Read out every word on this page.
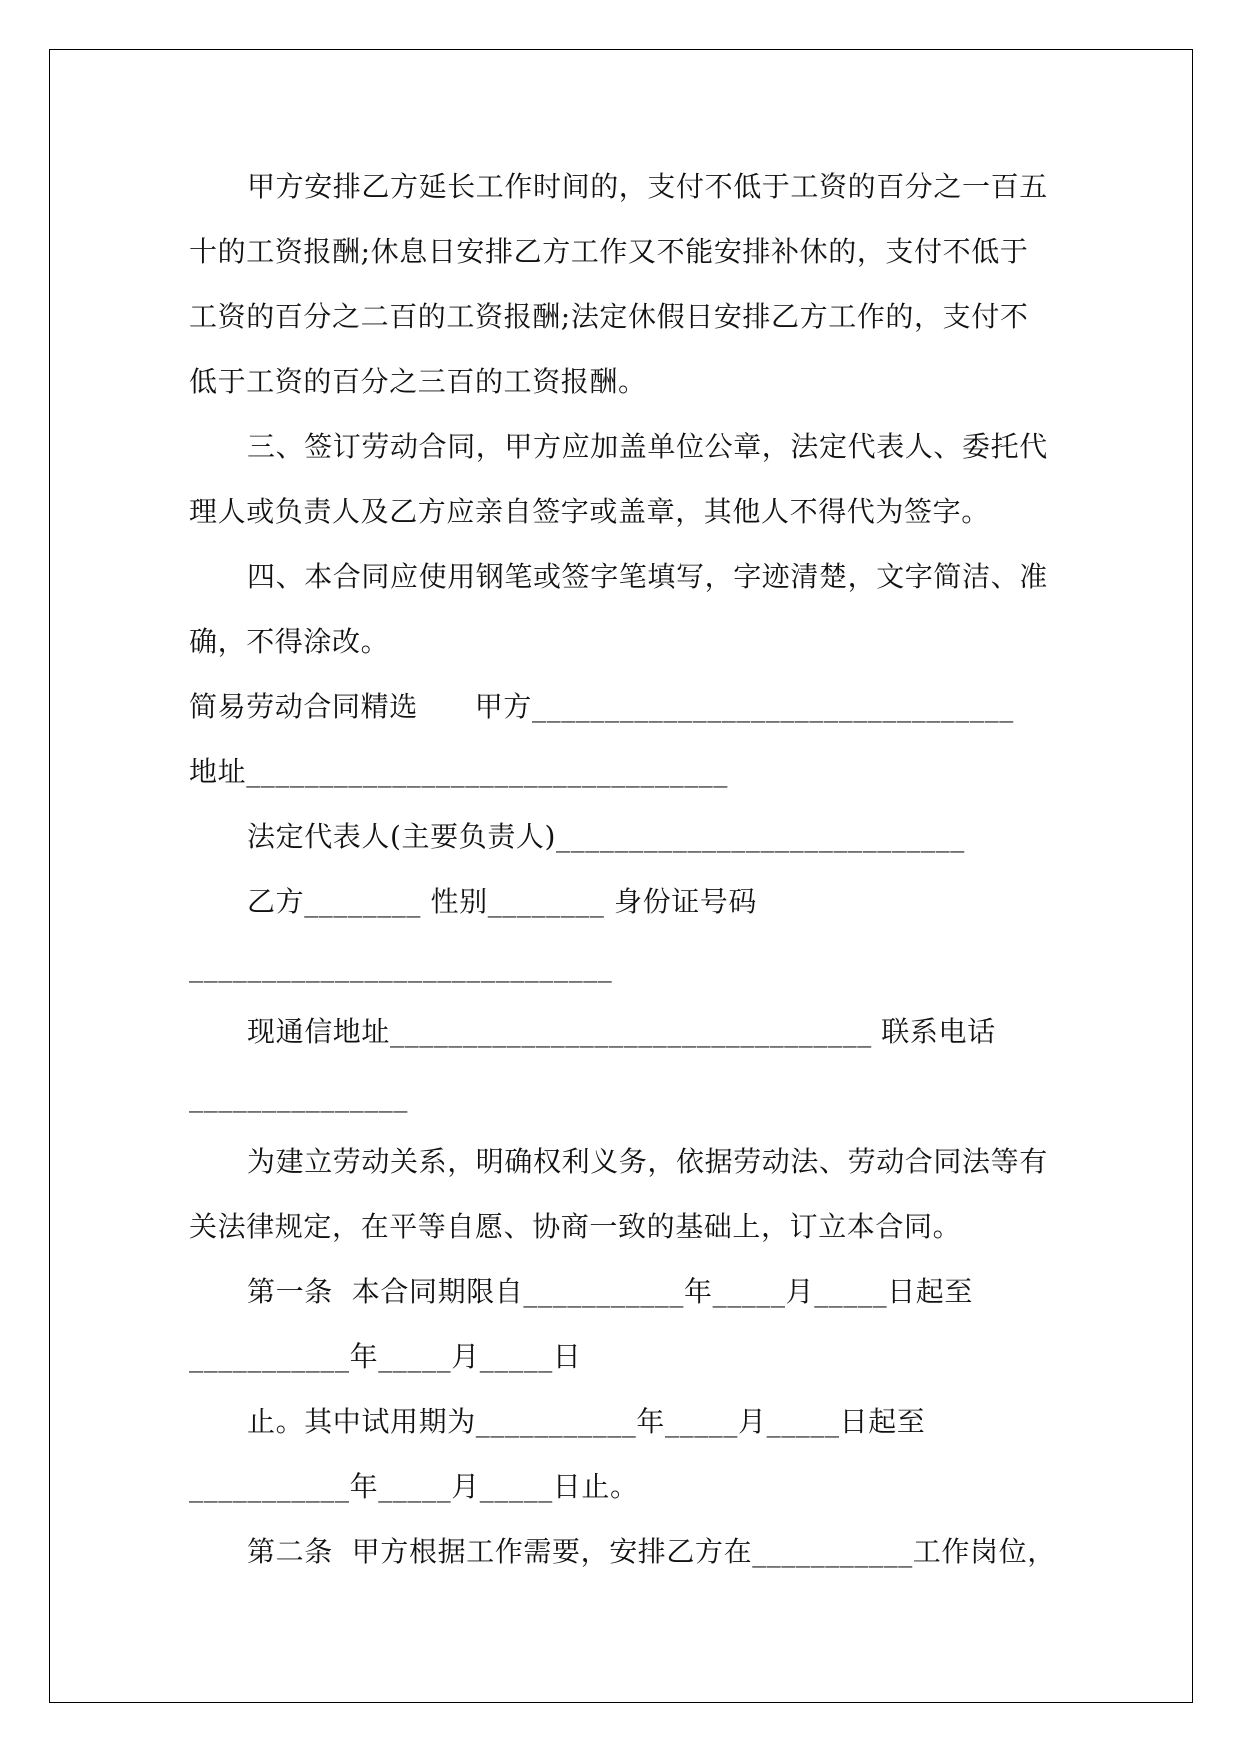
甲方安排乙方延长工作时间的，支付不低于工资的百分之一百五
十的工资报酬;休息日安排乙方工作又不能安排补休的，支付不低于
工资的百分之二百的工资报酬;法定休假日安排乙方工作的，支付不
低于工资的百分之三百的工资报酬。
三、签订劳动合同，甲方应加盖单位公章，法定代表人、委托代
理人或负责人及乙方应亲自签字或盖章，其他人不得代为签字。
四、本合同应使用钢笔或签字笔填写，字迹清楚，文字简洁、准
确，不得涂改。
简易劳动合同精选      甲方_________________________________
地址_________________________________
法定代表人(主要负责人)____________________________
乙方________ 性别________ 身份证号码
_____________________________
现通信地址_________________________________ 联系电话
_______________
为建立劳动关系，明确权利义务，依据劳动法、劳动合同法等有
关法律规定，在平等自愿、协商一致的基础上，订立本合同。
第一条  本合同期限自___________年_____月_____日起至
___________年_____月_____日
止。其中试用期为___________年_____月_____日起至
___________年_____月_____日止。
第二条  甲方根据工作需要，安排乙方在___________工作岗位，
